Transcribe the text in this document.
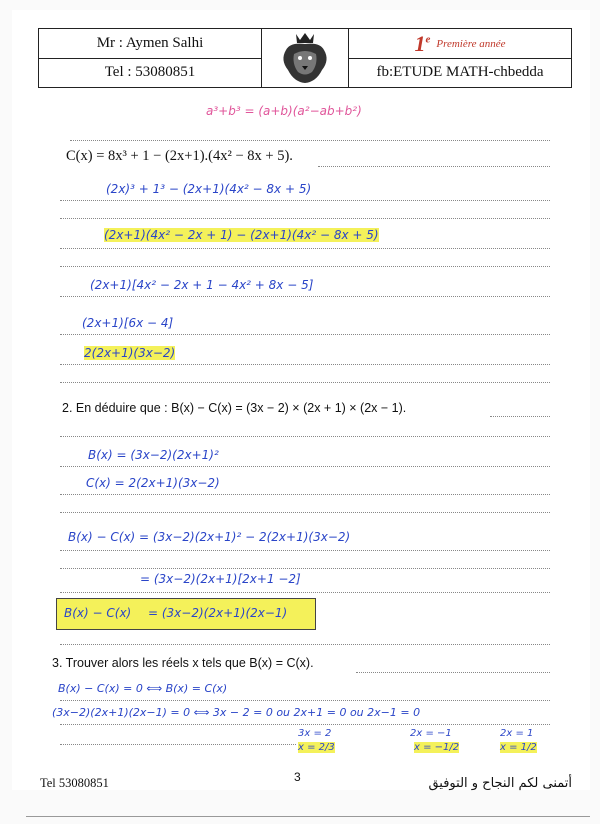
Mr : Aymen Salhi
Tel : 53080851
1e Première année
fb:ETUDE MATH-chbedda
a³+b³ = (a+b)(a²−ab+b²)
C(x) = 8x³ + 1 − (2x+1).(4x² − 8x + 5).
(2x)³ + 1³ − (2x+1)(4x² − 8x + 5)
(2x+1)(4x² − 2x + 1) − (2x+1)(4x² − 8x + 5)
(2x+1)[4x² − 2x + 1 − 4x² + 8x − 5]
(2x+1)[6x − 4]
2(2x+1)(3x−2)
2. En déduire que : B(x) − C(x) = (3x − 2) × (2x + 1) × (2x − 1).
B(x) = (3x−2)(2x+1)²
C(x) = 2(2x+1)(3x−2)
B(x) − C(x) = (3x−2)(2x+1)² − 2(2x+1)(3x−2)
= (3x−2)(2x+1)[2x+1 −2]
B(x) − C(x) = (3x−2)(2x+1)(2x−1)
3. Trouver alors les réels x tels que B(x) = C(x).
B(x) − C(x) = 0 ⟺ B(x) = C(x)
(3x−2)(2x+1)(2x−1) = 0 ⟺ 3x − 2 = 0 ou 2x+1 = 0 ou 2x−1 = 0
3x = 2
x = 2/3
2x = −1
x = −1/2
2x = 1
x = 1/2
Tel 53080851	3	أتمنى لكم النجاح و التوفيق
